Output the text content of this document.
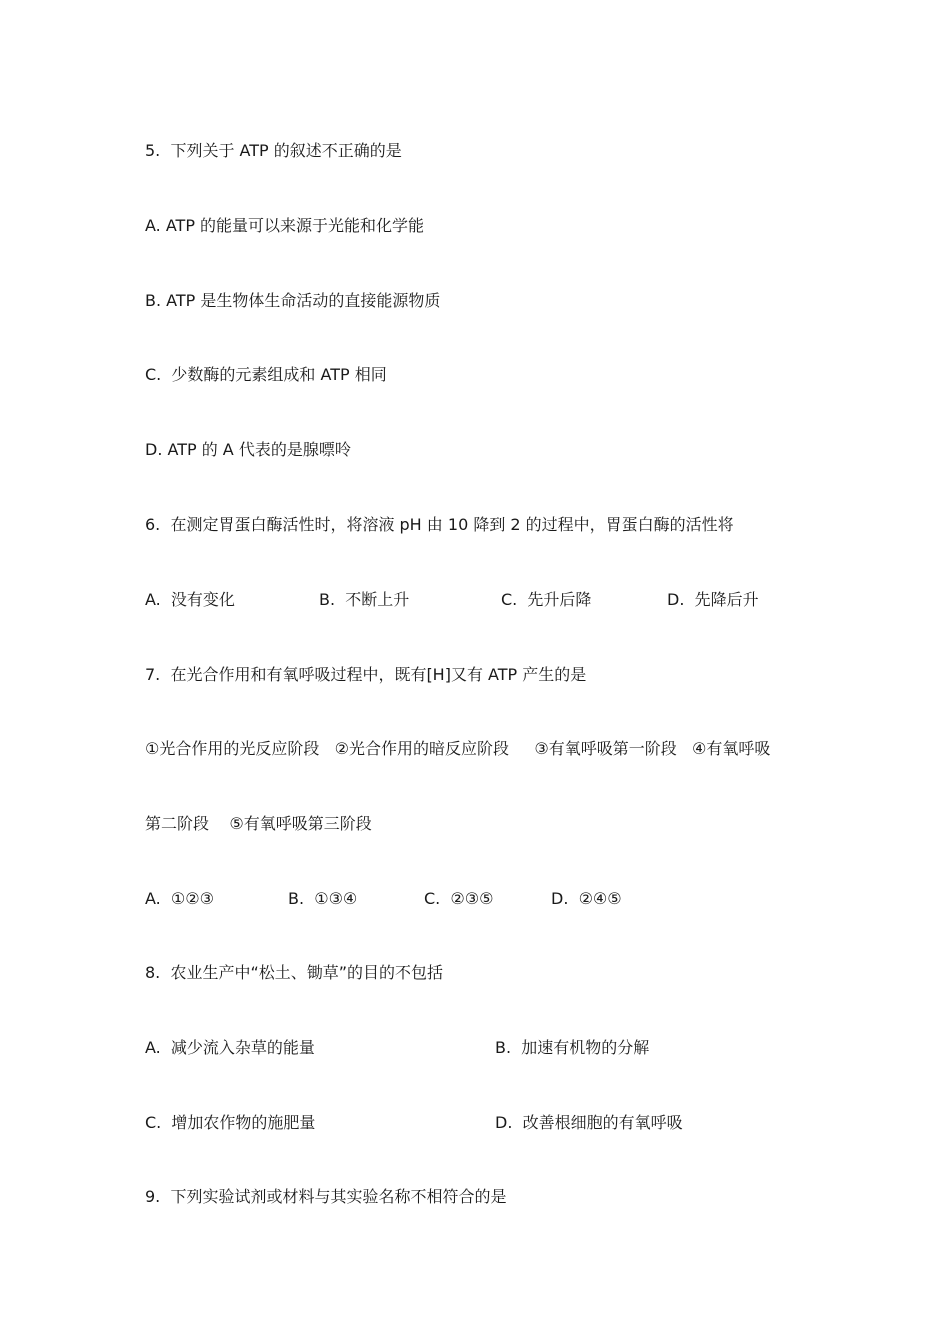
5.  下列关于 ATP 的叙述不正确的是
A. ATP 的能量可以来源于光能和化学能
B. ATP 是生物体生命活动的直接能源物质
C.  少数酶的元素组成和 ATP 相同
D. ATP 的 A 代表的是腺嘌呤
6.  在测定胃蛋白酶活性时，将溶液 pH 由 10 降到 2 的过程中，胃蛋白酶的活性将
A.  没有变化	B.  不断上升	C.  先升后降	D.  先降后升
7.  在光合作用和有氧呼吸过程中，既有[H]又有 ATP 产生的是
①光合作用的光反应阶段   ②光合作用的暗反应阶段     ③有氧呼吸第一阶段   ④有氧呼吸
第二阶段    ⑤有氧呼吸第三阶段
A.  ①②③	B.  ①③④	C.  ②③⑤	D.  ②④⑤
8.  农业生产中“松土、锄草”的目的不包括
A.  减少流入杂草的能量	B.  加速有机物的分解
C.  增加农作物的施肥量	D.  改善根细胞的有氧呼吸
9.  下列实验试剂或材料与其实验名称不相符合的是
